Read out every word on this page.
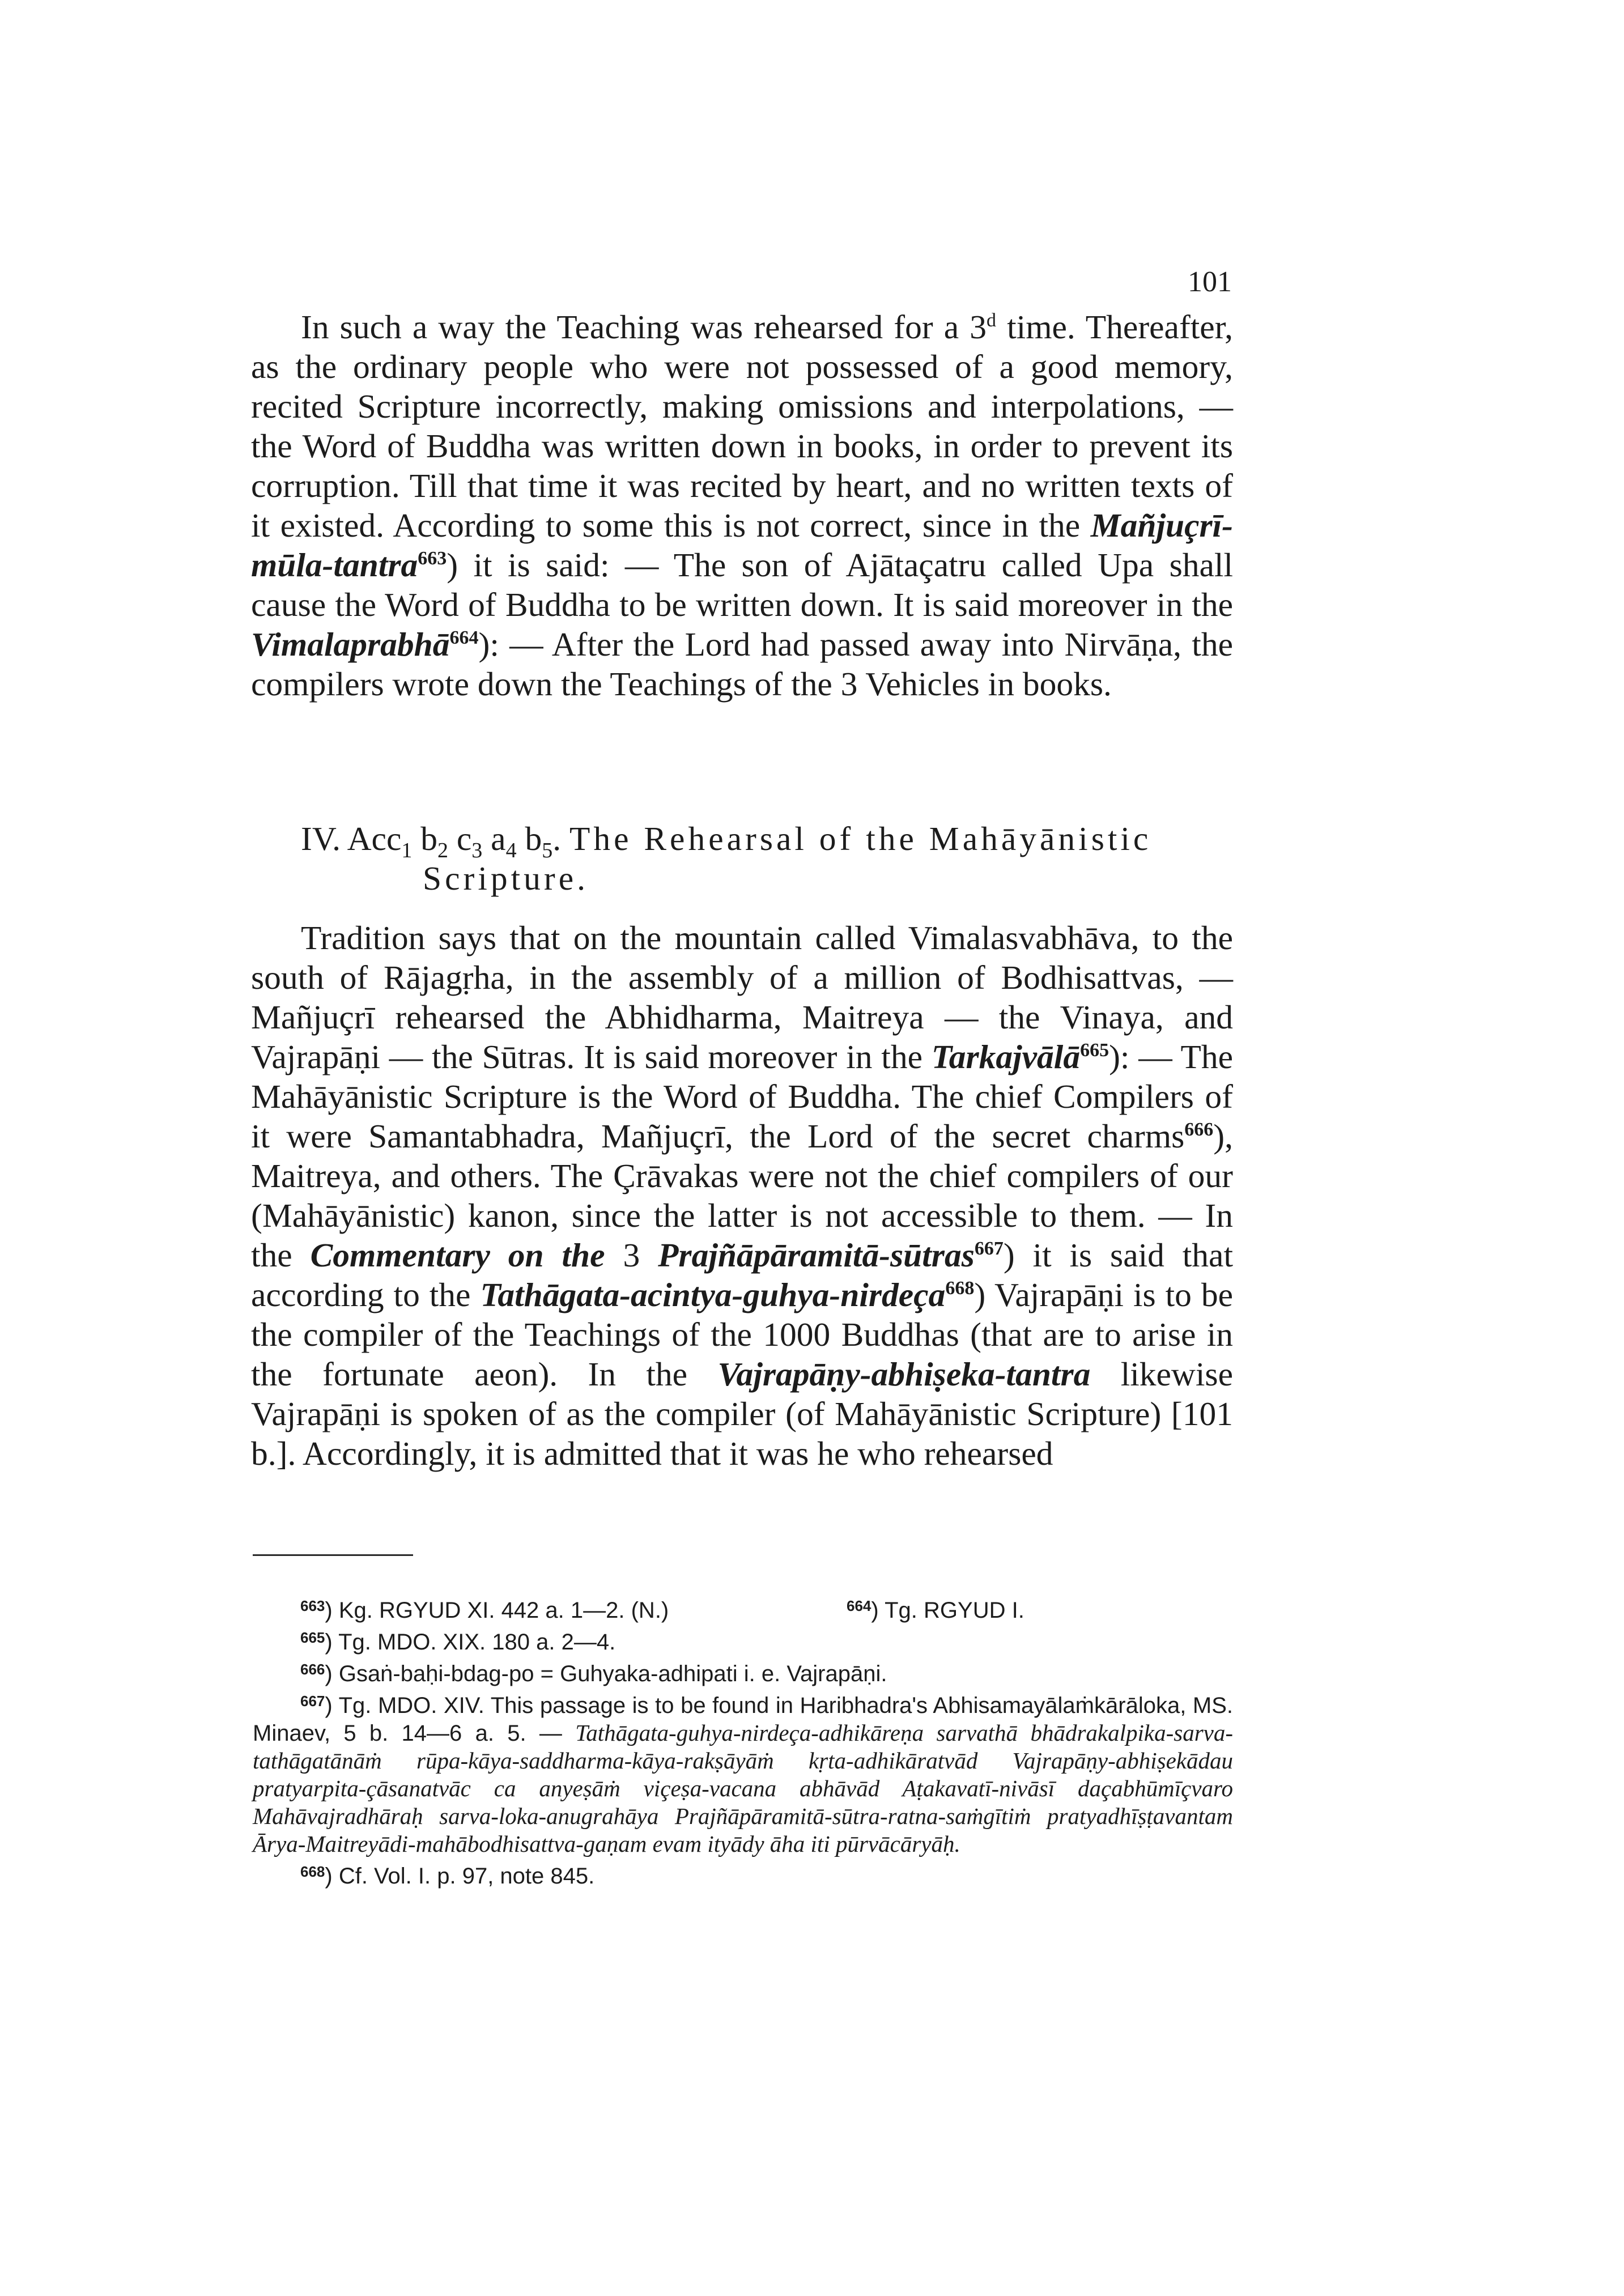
101

In such a way the Teaching was rehearsed for a 3$^d$ time. Thereafter, as the ordinary people who were not possessed of a good memory, recited Scripture incorrectly, making omissions and interpolations, — the Word of Buddha was written down in books, in order to prevent its corruption. Till that time it was recited by heart, and no written texts of it existed. According to some this is not correct, since in the Mañjuçrī-mūla-tantra$^{663}$) it is said: — The son of Ajātaçatru called Upa shall cause the Word of Buddha to be written down. It is said moreover in the Vimalaprabhā$^{664}$): — After the Lord had passed away into Nirvāṇa, the compilers wrote down the Teachings of the 3 Vehicles in books.

IV. Acc$_1$ $b_2$ $c_3$ $a_4$ $b_5$. The Rehearsal of the Mahāyānistic
Scripture.

Tradition says that on the mountain called Vimalasvabhāva, to the south of Rājagṛha, in the assembly of a million of Bodhisattvas, — Mañjuçrī rehearsed the Abhidharma, Maitreya — the Vinaya, and Vajrapāṇi — the Sūtras. It is said moreover in the Tarkajvālā$^{665}$): — The Mahāyānistic Scripture is the Word of Buddha. The chief Compilers of it were Samantabhadra, Mañjuçrī, the Lord of the secret charms$^{666}$), Maitreya, and others. The Çrāvakas were not the chief compilers of our (Mahāyānistic) kanon, since the latter is not accessible to them. — In the Commentary on the 3 Prajñāpāramitā-sūtras$^{667}$) it is said that according to the Tathāgata-acintya-guhya-nirdeça$^{668}$) Vajrapāṇi is to be the compiler of the Teachings of the 1000 Buddhas (that are to arise in the fortunate aeon). In the Vajrapāṇy-abhiṣeka-tantra likewise Vajrapāṇi is spoken of as the compiler (of Mahāyānistic Scripture) [101 b.]. Accordingly, it is admitted that it was he who rehearsed

$^{663}$) Kg. RGYUD XI. 442 a. 1—2. (N.)	$^{664}$) Tg. RGYUD I.
$^{665}$) Tg. MDO. XIX. 180 a. 2—4.
$^{666}$) Gsaṅ-baḥi-bdag-po = Guhyaka-adhipati i. e. Vajrapāṇi.
$^{667}$) Tg. MDO. XIV. This passage is to be found in Haribhadra's Abhisamayālaṁkārāloka, MS. Minaev, 5 b. 14—6 a. 5. — Tathāgata-guhya-nirdeça-adhikāreṇa sarvathā bhādrakalpika-sarva-tathāgatānāṁ rūpa-kāya-saddharma-kāya-rakṣāyāṁ kṛta-adhikāratvād Vajrapāṇy-abhiṣekādau pratyarpita-çāsanatvāc ca anyeṣāṁ viçeṣa-vacana abhāvād Aṭakavatī-nivāsī daçabhūmīçvaro Mahāvajradhāraḥ sarva-loka-anugrahāya Prajñāpāramitā-sūtra-ratna-saṁgītiṁ pratyadhīṣṭavantam Ārya-Maitreyādi-mahābodhisattva-gaṇam evam ityādy āha iti pūrvācāryāḥ.
$^{668}$) Cf. Vol. I. p. 97, note 845.
